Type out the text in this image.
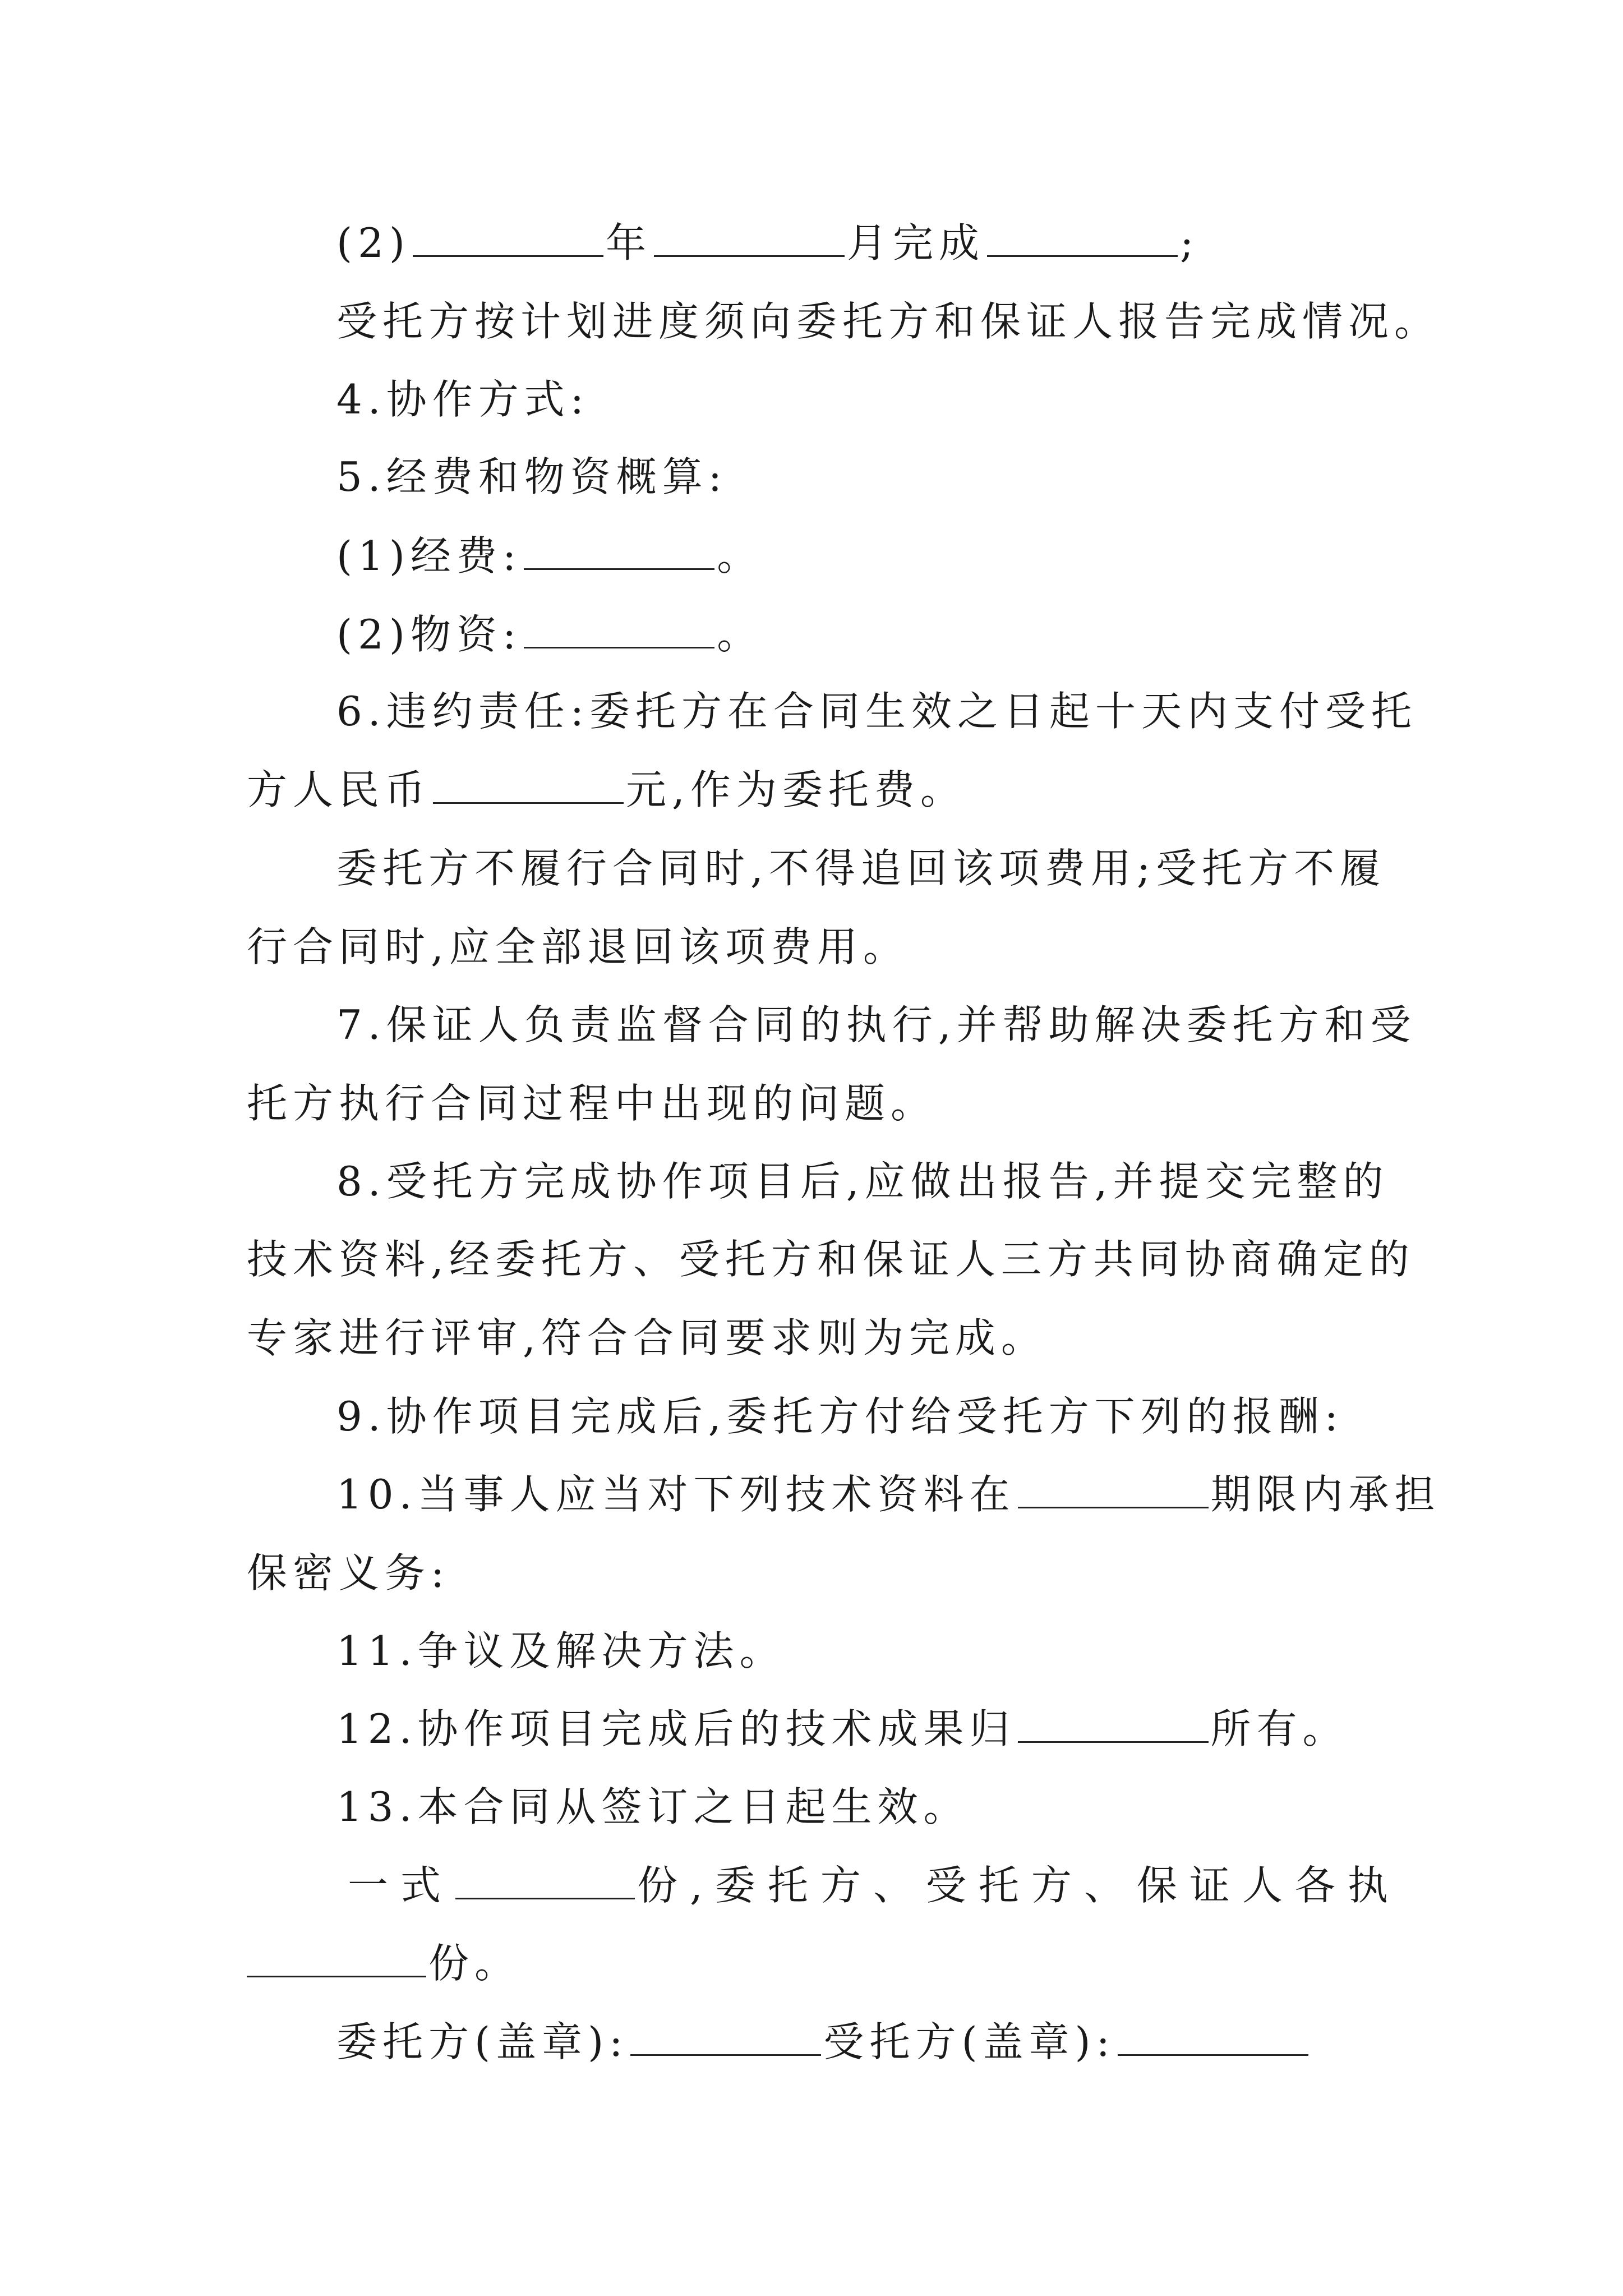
(2)	年	月完成	;
受托方按计划进度须向委托方和保证人报告完成情况。
4.协作方式:
5.经费和物资概算:
(1)经费:	。
(2)物资:	。
6.违约责任:委托方在合同生效之日起十天内支付受托
方人民币	元,作为委托费。
委托方不履行合同时,不得追回该项费用;受托方不履
行合同时,应全部退回该项费用。
7.保证人负责监督合同的执行,并帮助解决委托方和受
托方执行合同过程中出现的问题。
8.受托方完成协作项目后,应做出报告,并提交完整的
技术资料,经委托方、受托方和保证人三方共同协商确定的
专家进行评审,符合合同要求则为完成。
9.协作项目完成后,委托方付给受托方下列的报酬:
10.当事人应当对下列技术资料在	期限内承担
保密义务:
11.争议及解决方法。
12.协作项目完成后的技术成果归	所有。
13.本合同从签订之日起生效。
一式	份,委托方、受托方、保证人各执
份。
委托方(盖章):	受托方(盖章):
